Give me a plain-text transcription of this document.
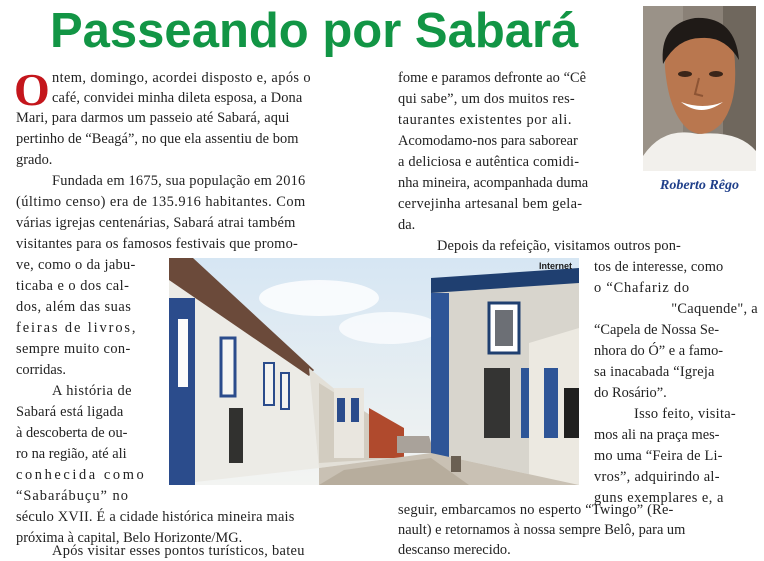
Passeando por Sabará
Roberto Rêgo
O ntem, domingo, acordei disposto e, após o
café, convidei minha dileta esposa, a Dona
Mari, para darmos um passeio até Sabará, aqui
pertinho de “Beagá”, no que ela assentiu de bom
grado.
Fundada em 1675, sua população em 2016
(último censo) era de 135.916 habitantes. Com
várias igrejas centenárias, Sabará atrai também
visitantes para os famosos festivais que promo-
ve, como o da jabu-
ticaba e o dos cal-
dos, além das suas
feiras de livros,
sempre muito con-
corridas.
A história de
Sabará está ligada
à descoberta de ou-
ro na região, até ali
conhecida como
“Sabarábuçu” no
século XVII. É a cidade histórica mineira mais
próxima à capital, Belo Horizonte/MG.
Após visitar esses pontos turísticos, bateu
fome e paramos defronte ao “Cê
qui sabe”, um dos muitos res-
taurantes existentes por ali.
Acomodamo-nos para saborear
a deliciosa e autêntica comidi-
nha mineira, acompanhada duma
cervejinha artesanal bem gela-
da.
Depois da refeição, visitamos outros pon-
tos de interesse, como
o “Chafariz do
"Caquende", a
“Capela de Nossa Se-
nhora do Ó” e a famo-
sa inacabada “Igreja
do Rosário”.
Isso feito, visita-
mos ali na praça mes-
mo uma “Feira de Li-
vros”, adquirindo al-
guns exemplares e, a
seguir, embarcamos no esperto “Twingo” (Re-
nault) e retornamos à nossa sempre Belô, para um
descanso merecido.
Internet
